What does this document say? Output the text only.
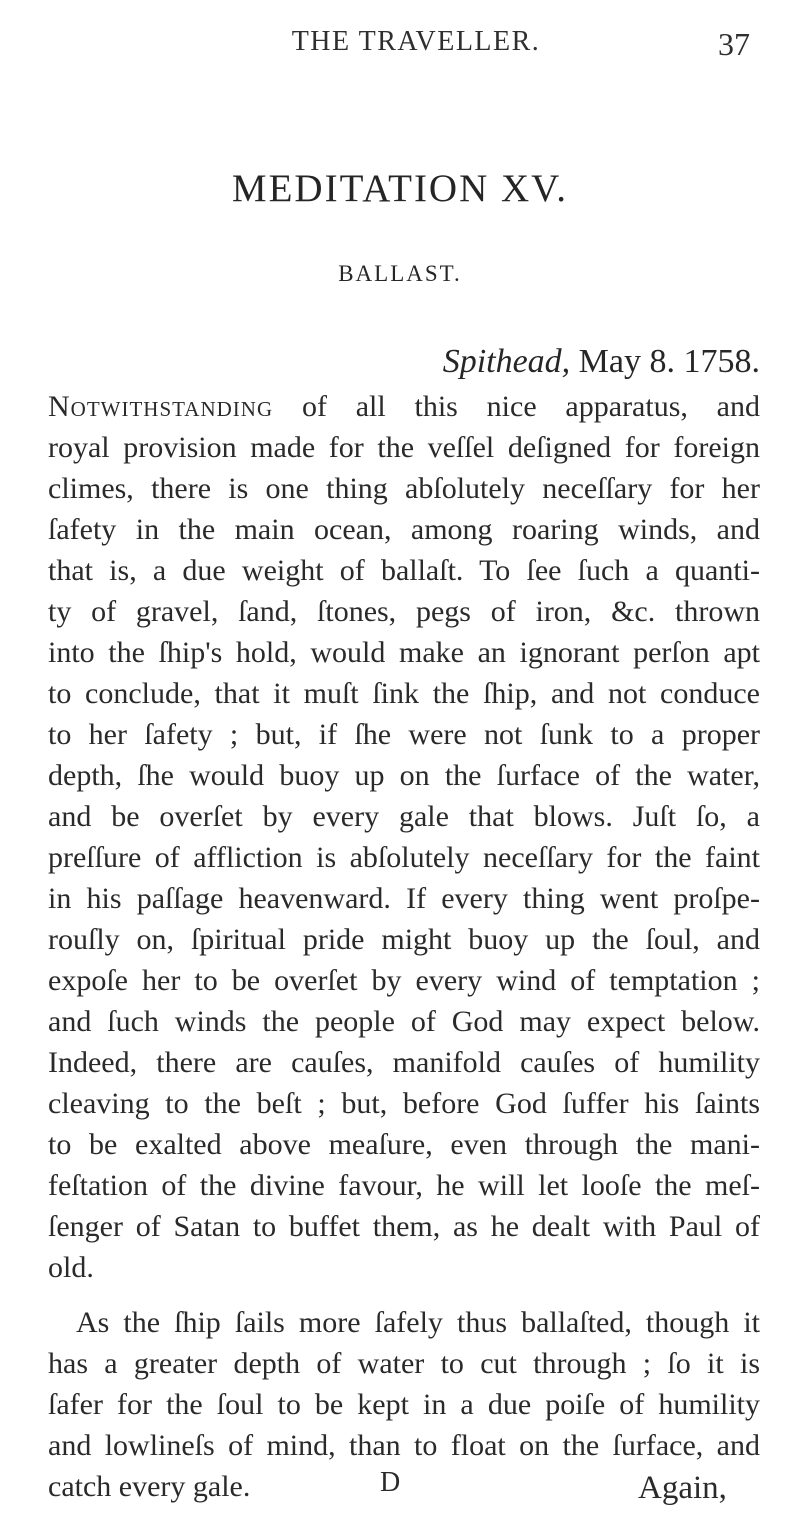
THE TRAVELLER.	37
MEDITATION XV.
BALLAST.
Spithead, May 8. 1758.
Notwithstanding of all this nice apparatus, and
royal provision made for the veſſel deſigned for foreign
climes, there is one thing abſolutely neceſſary for her
ſafety in the main ocean, among roaring winds, and
that is, a due weight of ballaſt. To ſee ſuch a quanti-
ty of gravel, ſand, ſtones, pegs of iron, &c. thrown
into the ſhip's hold, would make an ignorant perſon apt
to conclude, that it muſt ſink the ſhip, and not conduce
to her ſafety ; but, if ſhe were not ſunk to a proper
depth, ſhe would buoy up on the ſurface of the water,
and be overſet by every gale that blows. Juſt ſo, a
preſſure of affliction is abſolutely neceſſary for the faint
in his paſſage heavenward. If every thing went proſpe-
rouſly on, ſpiritual pride might buoy up the ſoul, and
expoſe her to be overſet by every wind of temptation ;
and ſuch winds the people of God may expect below.
Indeed, there are cauſes, manifold cauſes of humility
cleaving to the beſt ; but, before God ſuffer his ſaints
to be exalted above meaſure, even through the mani-
feſtation of the divine favour, he will let looſe the meſ-
ſenger of Satan to buffet them, as he dealt with Paul of
old.
As the ſhip ſails more ſafely thus ballaſted, though it
has a greater depth of water to cut through ; ſo it is
ſafer for the ſoul to be kept in a due poiſe of humility
and lowlineſs of mind, than to float on the ſurface, and
catch every gale.	D	Again,
